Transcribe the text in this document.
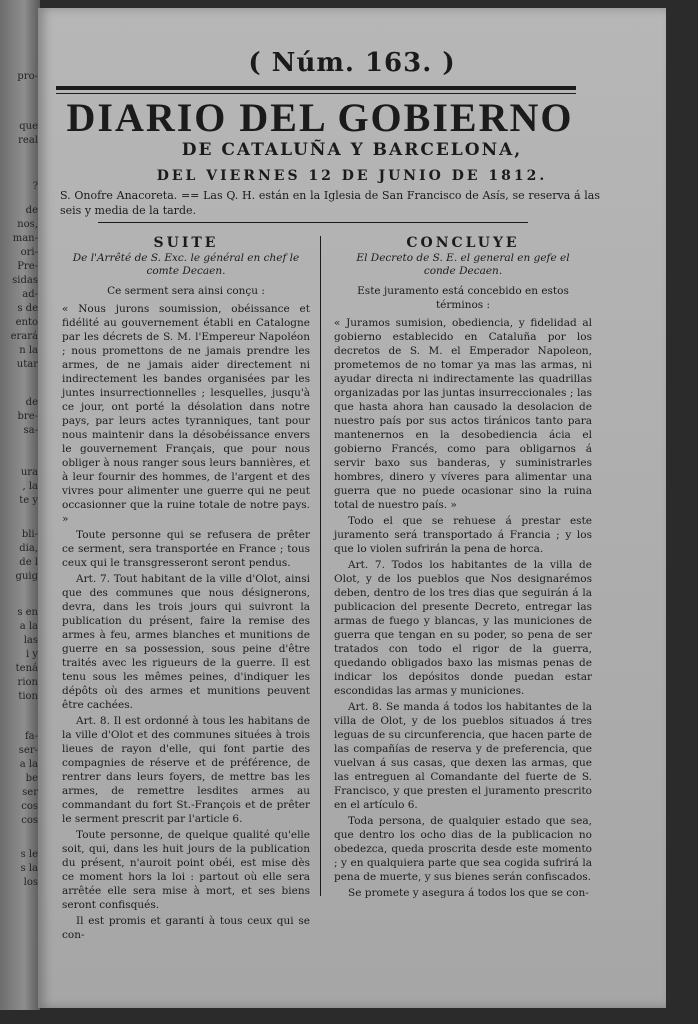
pro-
que
real
?
de
nos,
man-
ori-
Pre-
sidas
ad-
s de
ento
erará
n la
utar
de
bre-
sa-
ura
, la
te y
bli-
dia,
de l
guig
s en
a la
las
i y
tená
rion
tion
fa-
ser-
a la
be
ser
cos
cos
s le
s la
los
( Núm. 163. )
DIARIO DEL GOBIERNO
DE CATALUÑA Y BARCELONA,
DEL VIERNES 12 DE JUNIO DE 1812.
S. Onofre Anacoreta. == Las Q. H. están en la Iglesia de San Francisco de Asís, se reserva á las seis y media de la tarde.
SUITE
De l'Arrêté de S. Exc. le général en chef le comte Decaen.
Ce serment sera ainsi conçu :

« Nous jurons soumission, obéissance et fidélité au gouvernement établi en Catalogne par les décrets de S. M. l'Empereur Napoléon ; nous promettons de ne jamais prendre les armes, de ne jamais aider directement ni indirectement les bandes organisées par les juntes insurrectionnelles ; lesquelles, jusqu'à ce jour, ont porté la désolation dans notre pays, par leurs actes tyranniques, tant pour nous maintenir dans la désobéissance envers le gouvernement Français, que pour nous obliger à nous ranger sous leurs bannières, et à leur fournir des hommes, de l'argent et des vivres pour alimenter une guerre qui ne peut occasionner que la ruine totale de notre pays. »

Toute personne qui se refusera de prêter ce serment, sera transportée en France ; tous ceux qui le transgresseront seront pendus.

Art. 7. Tout habitant de la ville d'Olot, ainsi que des communes que nous désignerons, devra, dans les trois jours qui suivront la publication du présent, faire la remise des armes à feu, armes blanches et munitions de guerre en sa possession, sous peine d'être traités avec les rigueurs de la guerre. Il est tenu sous les mêmes peines, d'indiquer les dépôts où des armes et munitions peuvent être cachées.

Art. 8. Il est ordonné à tous les habitans de la ville d'Olot et des communes situées à trois lieues de rayon d'elle, qui font partie des compagnies de réserve et de préférence, de rentrer dans leurs foyers, de mettre bas les armes, de remettre lesdites armes au commandant du fort St.-François et de prêter le serment prescrit par l'article 6.

Toute personne, de quelque qualité qu'elle soit, qui, dans les huit jours de la publication du présent, n'auroit point obéi, est mise dès ce moment hors la loi : partout où elle sera arrêtée elle sera mise à mort, et ses biens seront confisqués.

Il est promis et garanti à tous ceux qui se con-

CONCLUYE
El Decreto de S. E. el general en gefe el conde Decaen.
Este juramento está concebido en estos términos :

« Juramos sumision, obediencia, y fidelidad al gobierno establecido en Cataluña por los decretos de S. M. el Emperador Napoleon, prometemos de no tomar ya mas las armas, ni ayudar directa ni indirectamente las quadrillas organizadas por las juntas insurreccionales ; las que hasta ahora han causado la desolacion de nuestro país por sus actos tiránicos tanto para mantenernos en la desobediencia ácia el gobierno Francés, como para obligarnos á servir baxo sus banderas, y suministrarles hombres, dinero y víveres para alimentar una guerra que no puede ocasionar sino la ruina total de nuestro país. »

Todo el que se rehuese á prestar este juramento será transportado á Francia ; y los que lo violen sufrirán la pena de horca.

Art. 7. Todos los habitantes de la villa de Olot, y de los pueblos que Nos designarémos deben, dentro de los tres dias que seguirán á la publicacion del presente Decreto, entregar las armas de fuego y blancas, y las municiones de guerra que tengan en su poder, so pena de ser tratados con todo el rigor de la guerra, quedando obligados baxo las mismas penas de indicar los depósitos donde puedan estar escondidas las armas y municiones.

Art. 8. Se manda á todos los habitantes de la villa de Olot, y de los pueblos situados á tres leguas de su circunferencia, que hacen parte de las compañías de reserva y de preferencia, que vuelvan á sus casas, que dexen las armas, que las entreguen al Comandante del fuerte de S. Francisco, y que presten el juramento prescrito en el artículo 6.

Toda persona, de qualquier estado que sea, que dentro los ocho dias de la publicacion no obedezca, queda proscrita desde este momento ; y en qualquiera parte que sea cogida sufrirá la pena de muerte, y sus bienes serán confiscados.

Se promete y asegura á todos los que se con-
